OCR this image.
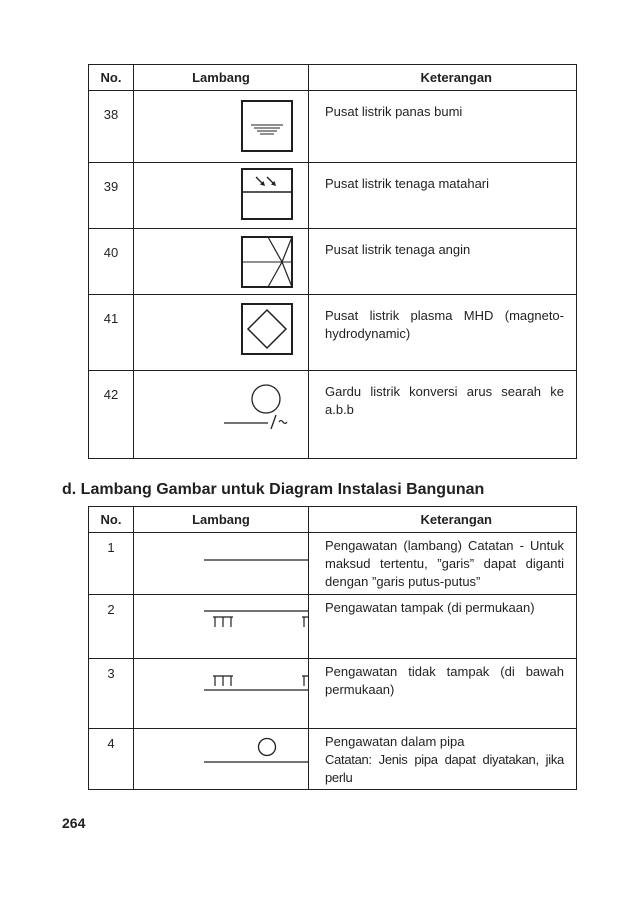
No.	Lambang	Keterangan
38		Pusat listrik panas bumi
39		Pusat listrik tenaga matahari
40		Pusat listrik tenaga angin
41		Pusat listrik plasma MHD (magneto-hydrodynamic)
42		Gardu listrik konversi arus searah ke a.b.b
d. Lambang Gambar untuk Diagram Instalasi Bangunan
No.	Lambang	Keterangan
1		Pengawatan (lambang) Catatan - Untuk maksud tertentu, ”garis” dapat diganti dengan ”garis putus-putus”
2		Pengawatan tampak (di permukaan)
3		Pengawatan tidak tampak (di bawah permukaan)
4		Pengawatan dalam pipa
Catatan: Jenis pipa dapat diyatakan, jika perlu

264
